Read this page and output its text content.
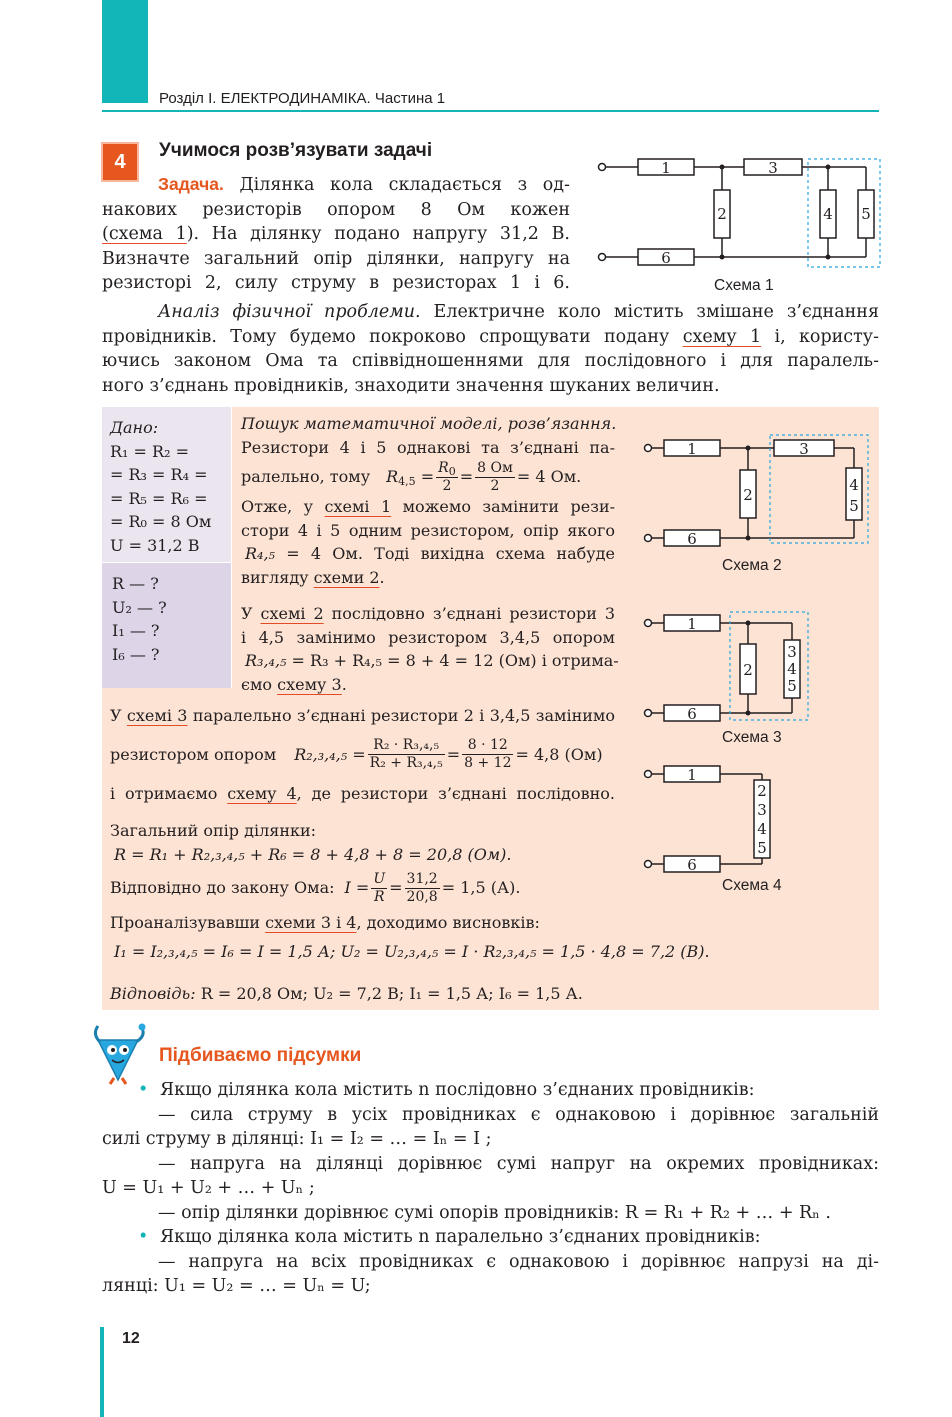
Розділ І. ЕЛЕКТРОДИНАМІКА. Частина 1
4
Учимося розв’язувати задачі
Задача. Ділянка кола складається з од-
накових резисторів опором 8 Ом кожен
(схема 1). На ділянку подано напругу 31,2 В.
Визначте загальний опір ділянки, напругу на
резисторі 2, силу струму в резисторах 1 і 6.
1	3
6
2	4 5
Схема 1
Аналіз фізичної проблеми. Електричне коло містить змішане з’єднання
провідників. Тому будемо покроково спрощувати подану схему 1 і, користу-
ючись законом Ома та співвідношеннями для послідовного і для паралель-
ного з’єднань провідників, знаходити значення шуканих величин.
Дано:
R₁ = R₂ =
= R₃ = R₄ =
= R₅ = R₆ =
= R₀ = 8 Ом
U = 31,2 В
R — ?
U₂ — ?
I₁ — ?
I₆ — ?
Пошук математичної моделі, розв’язання.
Резистори 4 і 5 однакові та з’єднані па-
ралельно, тому $R_{4,5} = \frac{R_0}{2} = \frac{8 Ом}{2} = 4$ Ом.
Отже, у схемі 1 можемо замінити рези-
стори 4 і 5 одним резистором, опір якого
R₄,₅ = 4 Ом. Тоді вихідна схема набуде
вигляду схеми 2.
У схемі 2 послідовно з’єднані резистори 3
і 4,5 замінимо резистором 3,4,5 опором
R₃,₄,₅ = R₃ + R₄,₅ = 8 + 4 = 12 (Ом) і отрима-
ємо схему 3.
У схемі 3 паралельно з’єднані резистори 2 і 3,4,5 замінимо
резистором опором $R_2,_3,_4,_5 = \frac{\text{R₂ · R₃,₄,₅}}{\text{R₂ + R₃,₄,₅}} = \frac{8 \cdot 12}{8 + 12} = 4,8$ (Ом)
і отримаємо схему 4, де резистори з’єднані послідовно.
Загальний опір ділянки:
R = R₁ + R₂,₃,₄,₅ + R₆ = 8 + 4,8 + 8 = 20,8 (Ом).
Відповідно до закону Ома: $I = \frac{U}{R} = \frac{31,2}{20,8} = 1,5$ (А).
Проаналізувавши схеми 3 і 4, доходимо висновків:
I₁ = I₂,₃,₄,₅ = I₆ = I = 1,5 А; U₂ = U₂,₃,₄,₅ = I · R₂,₃,₄,₅ = 1,5 · 4,8 = 7,2 (В).
Відповідь: R = 20,8 Ом; U₂ = 7,2 В; I₁ = 1,5 А; I₆ = 1,5 А.
1	3
6
2
4
5
Схема 2
1
6
2
3
4
5
Схема 3
1
6
2
3
4
5
Схема 4
Підбиваємо підсумки
• Якщо ділянка кола містить n послідовно з’єднаних провідників:
— сила струму в усіх провідниках є однаковою і дорівнює загальній
силі струму в ділянці: I₁ = I₂ = … = Iₙ = I ;
— напруга на ділянці дорівнює сумі напруг на окремих провідниках:
U = U₁ + U₂ + … + Uₙ ;
— опір ділянки дорівнює сумі опорів провідників: R = R₁ + R₂ + … + Rₙ .
• Якщо ділянка кола містить n паралельно з’єднаних провідників:
— напруга на всіх провідниках є однаковою і дорівнює напрузі на ді-
лянці: U₁ = U₂ = … = Uₙ = U;
12
